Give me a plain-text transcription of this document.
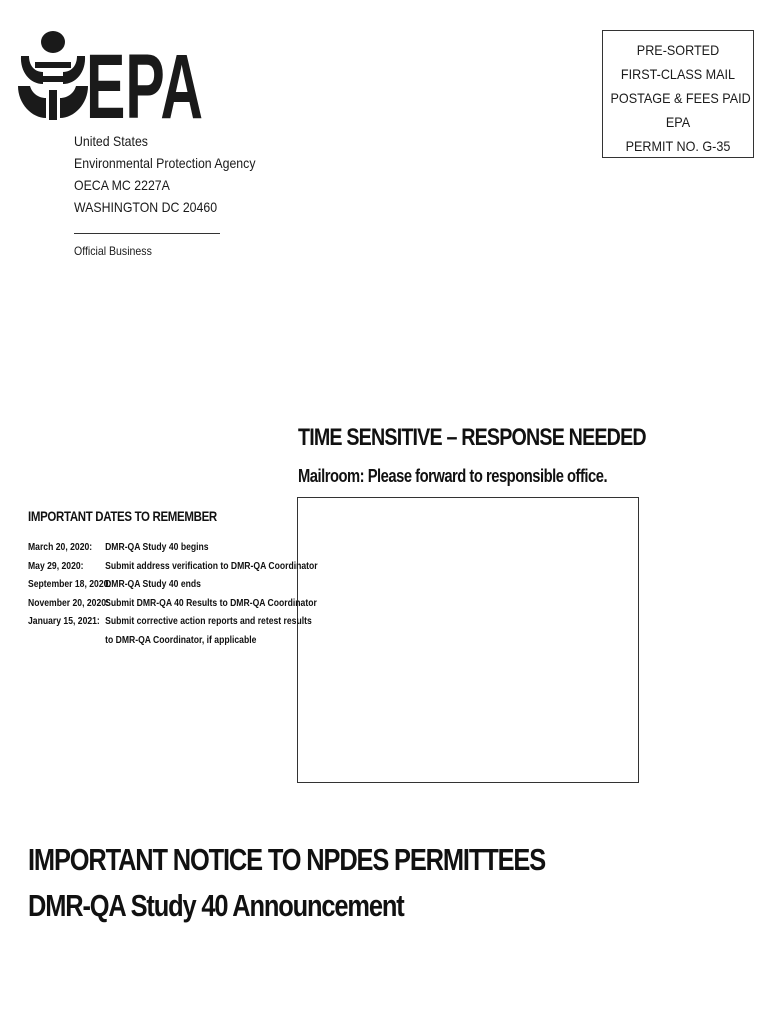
EPA
United States
Environmental Protection Agency
OECA MC 2227A
WASHINGTON DC 20460
Official Business
PRE-SORTED
FIRST-CLASS MAIL
POSTAGE & FEES PAID
EPA
PERMIT NO. G-35
TIME SENSITIVE – RESPONSE NEEDED
Mailroom: Please forward to responsible office.
IMPORTANT DATES TO REMEMBER
March 20, 2020: DMR-QA Study 40 begins
May 29, 2020: Submit address verification to DMR-QA Coordinator
September 18, 2020:
DMR-QA Study 40 ends
November 20, 2020:
Submit DMR-QA 40 Results to DMR-QA Coordinator
January 15, 2021: Submit corrective action reports and retest results
to DMR-QA Coordinator, if applicable
IMPORTANT NOTICE TO NPDES PERMITTEES
DMR-QA Study 40 Announcement
